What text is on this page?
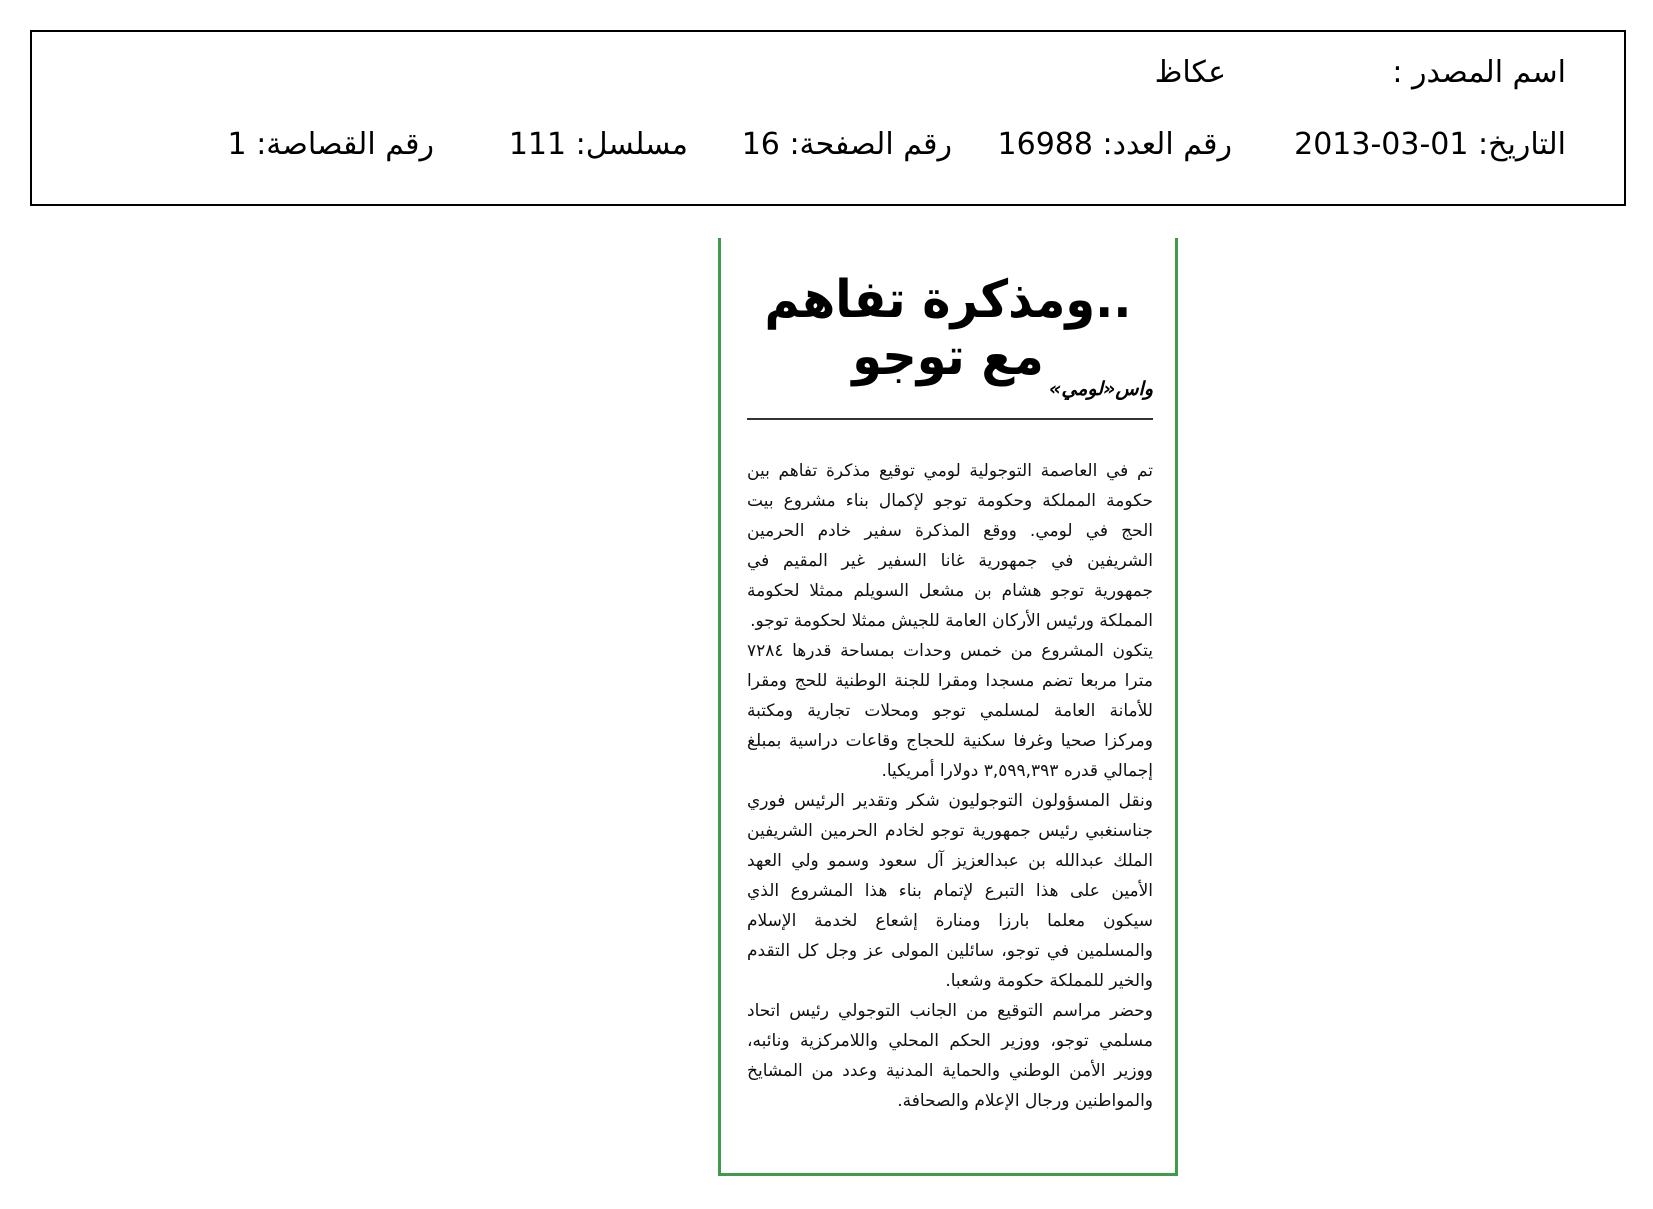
اسم المصدر :
عكاظ
التاريخ: 2013-03-01
رقم العدد: 16988
رقم الصفحة: 16
مسلسل: 111
رقم القصاصة: 1
..ومذكرة تفاهم مع توجو
واس«لومي»

تم في العاصمة التوجولية لومي توقيع مذكرة تفاهم بين حكومة المملكة وحكومة توجو لإكمال بناء مشروع بيت الحج في لومي. ووقع المذكرة سفير خادم الحرمين الشريفين في جمهورية غانا السفير غير المقيم في جمهورية توجو هشام بن مشعل السويلم ممثلا لحكومة المملكة ورئيس الأركان العامة للجيش ممثلا لحكومة توجو.

يتكون المشروع من خمس وحدات بمساحة قدرها ٧٢٨٤ مترا مربعا تضم مسجدا ومقرا للجنة الوطنية للحج ومقرا للأمانة العامة لمسلمي توجو ومحلات تجارية ومكتبة ومركزا صحيا وغرفا سكنية للحجاج وقاعات دراسية بمبلغ إجمالي قدره ٣,٥٩٩,٣٩٣ دولارا أمريكيا.

ونقل المسؤولون التوجوليون شكر وتقدير الرئيس فوري جناسنغبي رئيس جمهورية توجو لخادم الحرمين الشريفين الملك عبدالله بن عبدالعزيز آل سعود وسمو ولي العهد الأمين على هذا التبرع لإتمام بناء هذا المشروع الذي سيكون معلما بارزا ومنارة إشعاع لخدمة الإسلام والمسلمين في توجو، سائلين المولى عز وجل كل التقدم والخير للمملكة حكومة وشعبا.

وحضر مراسم التوقيع من الجانب التوجولي رئيس اتحاد مسلمي توجو، ووزير الحكم المحلي واللامركزية ونائبه، ووزير الأمن الوطني والحماية المدنية وعدد من المشايخ والمواطنين ورجال الإعلام والصحافة.
